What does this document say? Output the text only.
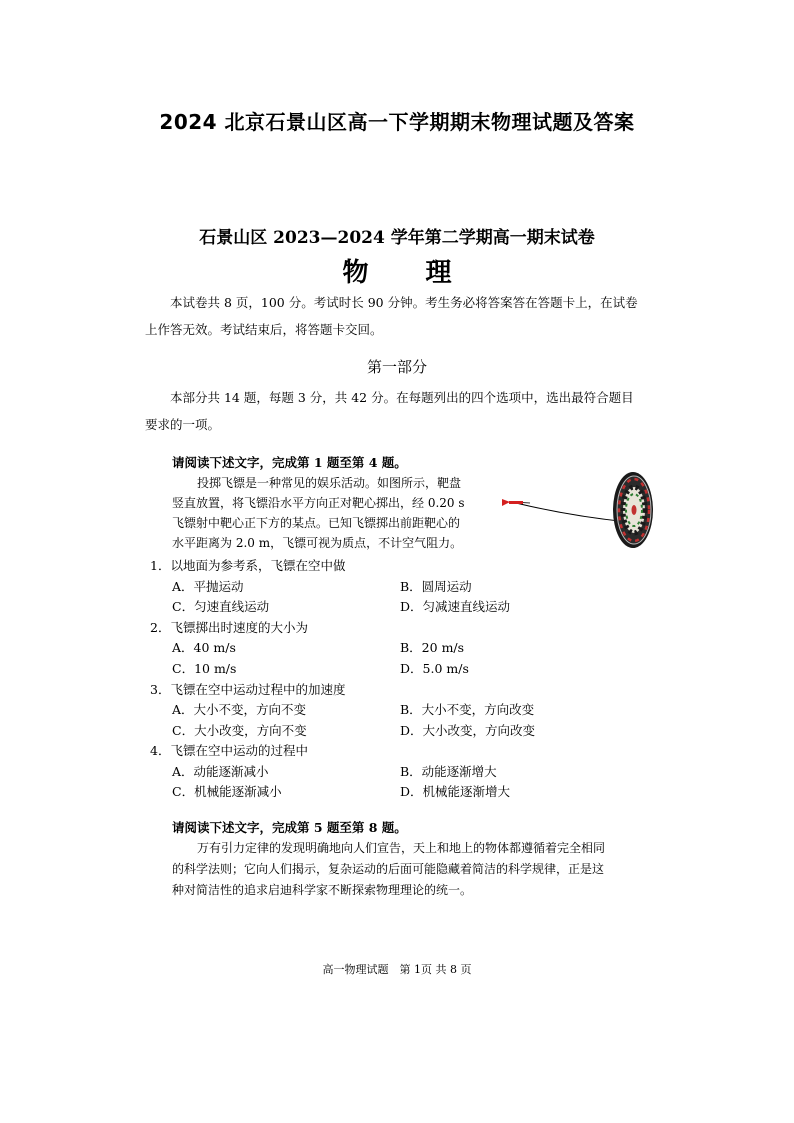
2024 北京石景山区高一下学期期末物理试题及答案
石景山区 2023—2024 学年第二学期高一期末试卷
物 理
本试卷共 8 页，100 分。考试时长 90 分钟。考生务必将答案答在答题卡上，在试卷
上作答无效。考试结束后，将答题卡交回。
第一部分
本部分共 14 题，每题 3 分，共 42 分。在每题列出的四个选项中，选出最符合题目
要求的一项。
请阅读下述文字，完成第 1 题至第 4 题。
投掷飞镖是一种常见的娱乐活动。如图所示，靶盘
竖直放置，将飞镖沿水平方向正对靶心掷出，经 0.20 s
飞镖射中靶心正下方的某点。已知飞镖掷出前距靶心的
水平距离为 2.0 m，飞镖可视为质点，不计空气阻力。
1．以地面为参考系，飞镖在空中做
A．平抛运动	B．圆周运动
C．匀速直线运动	D．匀减速直线运动
2．飞镖掷出时速度的大小为
A．40 m/s	B．20 m/s
C．10 m/s	D．5.0 m/s
3．飞镖在空中运动过程中的加速度
A．大小不变，方向不变	B．大小不变，方向改变
C．大小改变，方向不变	D．大小改变，方向改变
4．飞镖在空中运动的过程中
A．动能逐渐减小	B．动能逐渐增大
C．机械能逐渐减小	D．机械能逐渐增大
请阅读下述文字，完成第 5 题至第 8 题。
万有引力定律的发现明确地向人们宣告，天上和地上的物体都遵循着完全相同
的科学法则；它向人们揭示，复杂运动的后面可能隐藏着简洁的科学规律，正是这
种对简洁性的追求启迪科学家不断探索物理理论的统一。
高一物理试题　第 1页 共 8 页
